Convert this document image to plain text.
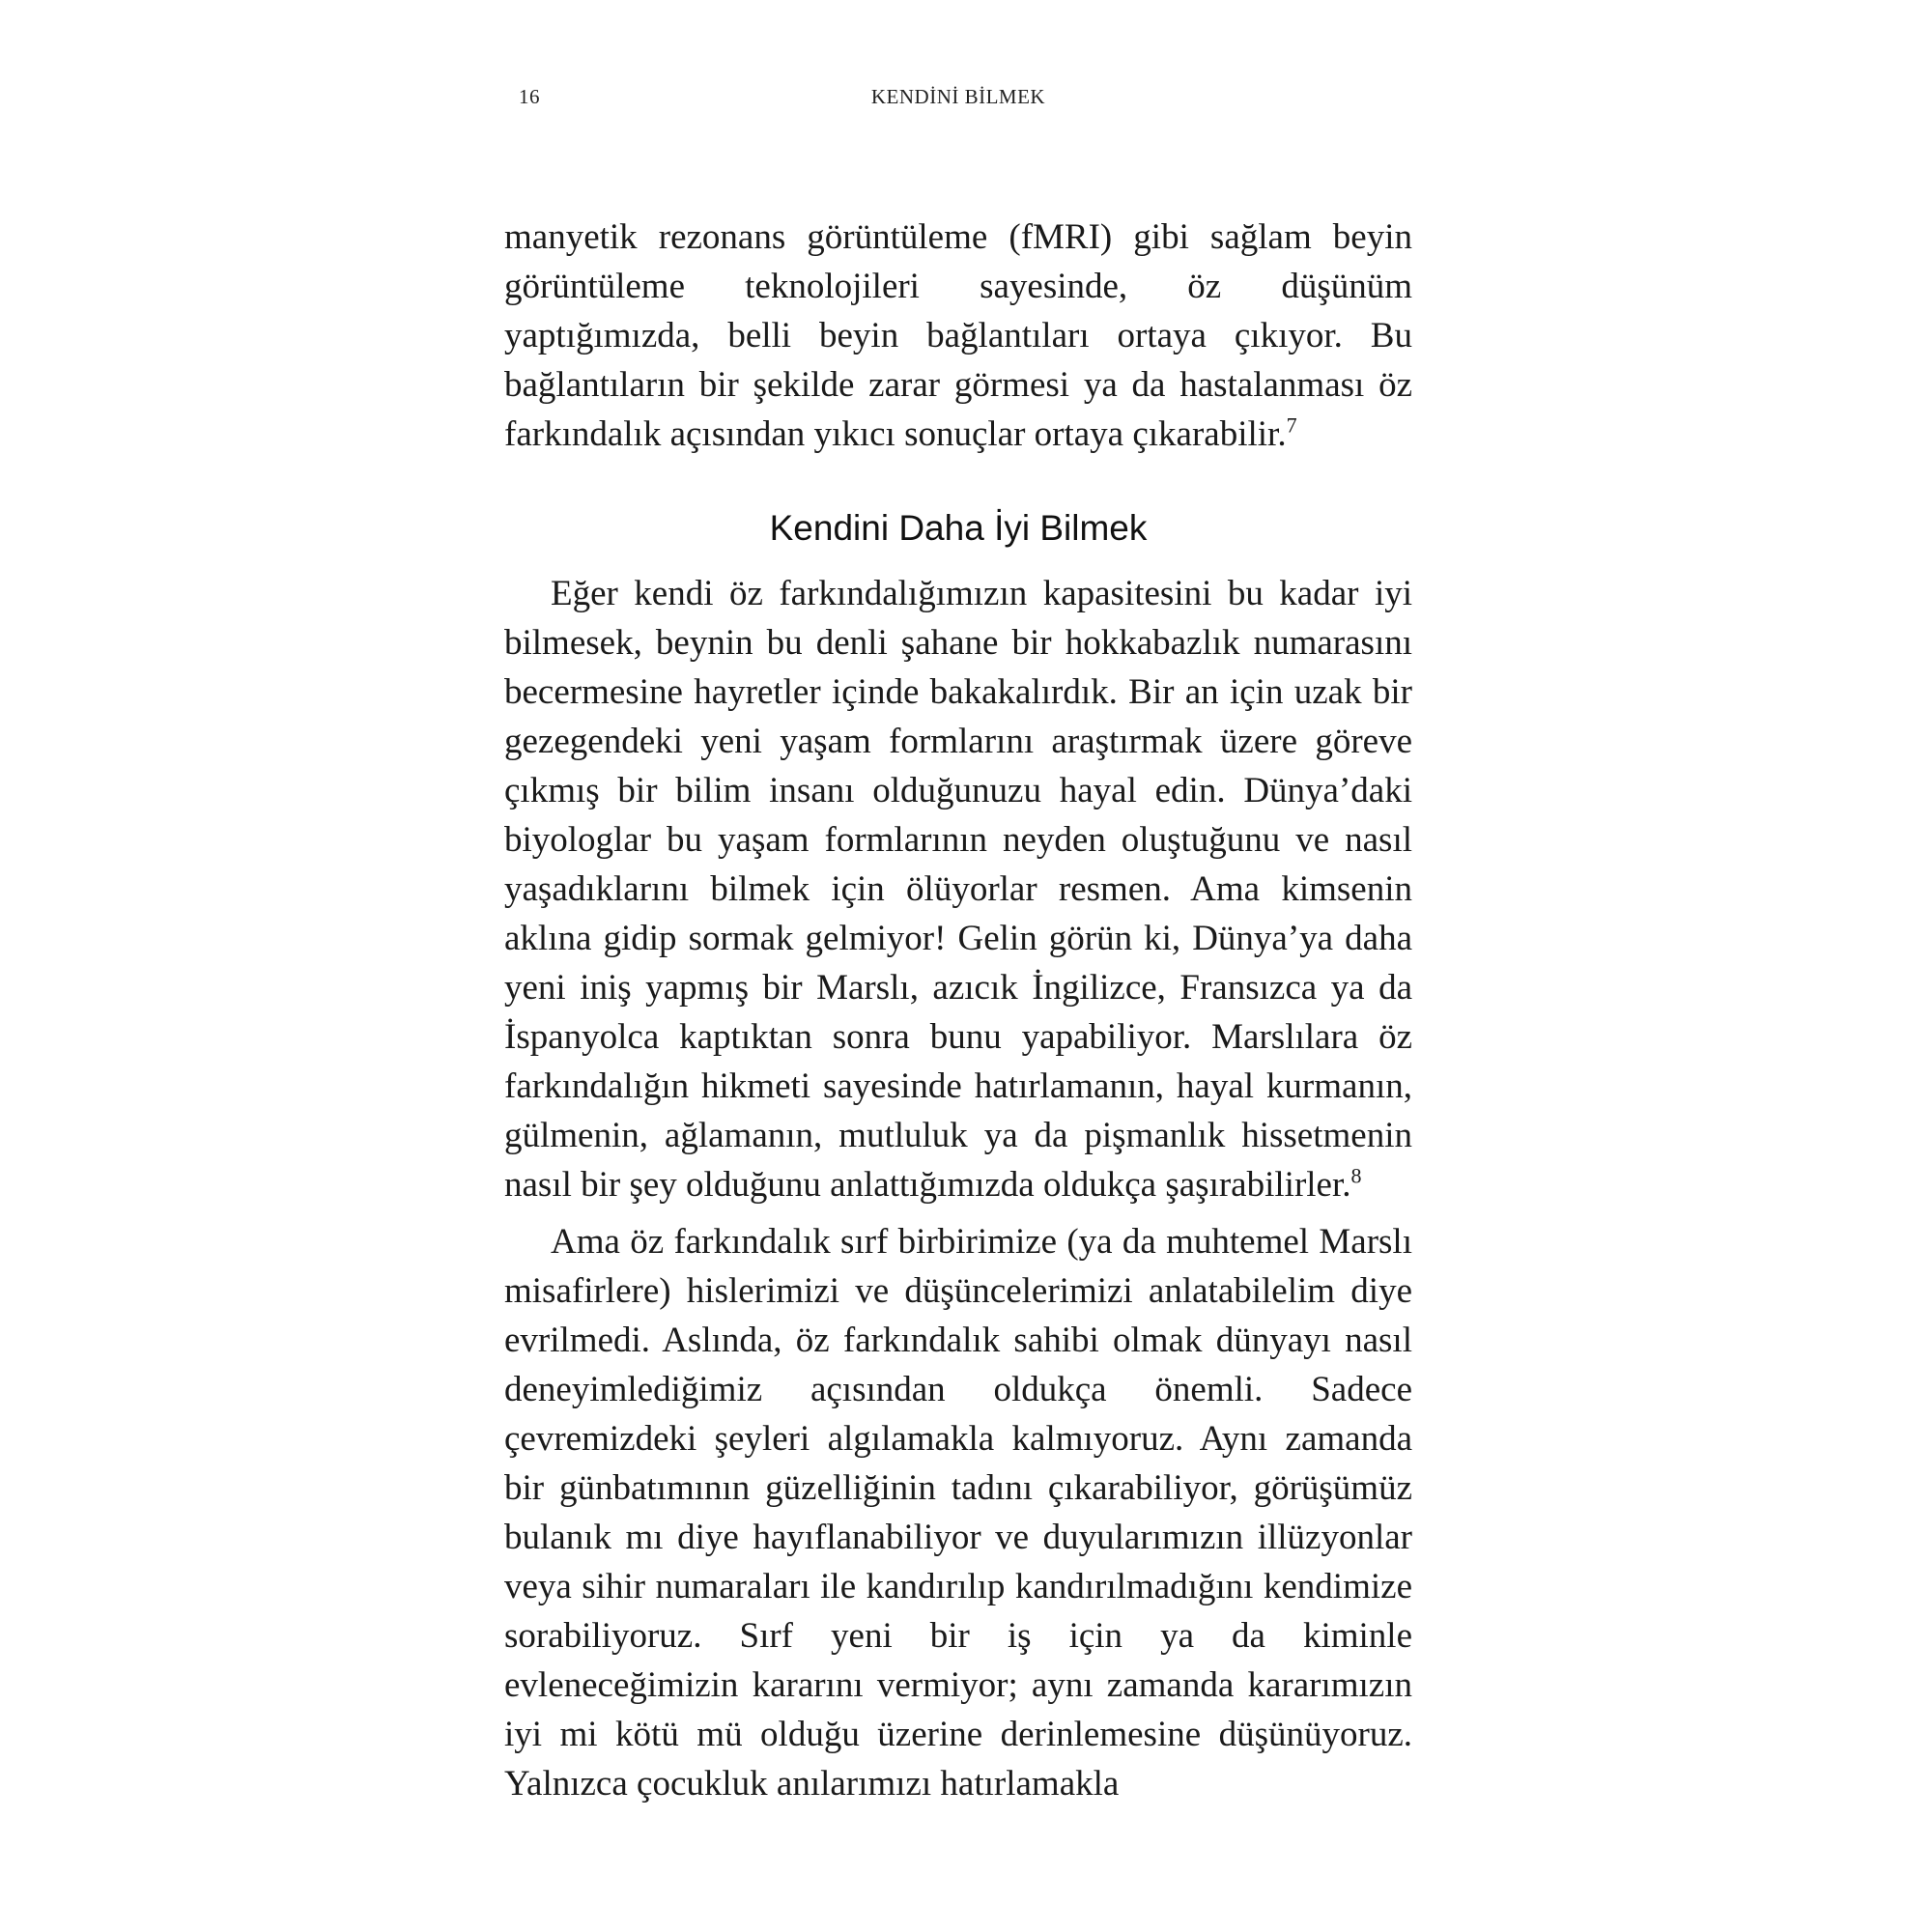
16	KENDİNİ BİLMEK

manyetik rezonans görüntüleme (fMRI) gibi sağlam beyin görüntüleme teknolojileri sayesinde, öz düşünüm yaptığımızda, belli beyin bağlantıları ortaya çıkıyor. Bu bağlantıların bir şekilde zarar görmesi ya da hastalanması öz farkındalık açısından yıkıcı sonuçlar ortaya çıkarabilir.$^7$

Kendini Daha İyi Bilmek

Eğer kendi öz farkındalığımızın kapasitesini bu kadar iyi bilmesek, beynin bu denli şahane bir hokkabazlık numarasını becermesine hayretler içinde bakakalırdık. Bir an için uzak bir gezegendeki yeni yaşam formlarını araştırmak üzere göreve çıkmış bir bilim insanı olduğunuzu hayal edin. Dünya’daki biyologlar bu yaşam formlarının neyden oluştuğunu ve nasıl yaşadıklarını bilmek için ölüyorlar resmen. Ama kimsenin aklına gidip sormak gelmiyor! Gelin görün ki, Dünya’ya daha yeni iniş yapmış bir Marslı, azıcık İngilizce, Fransızca ya da İspanyolca kaptıktan sonra bunu yapabiliyor. Marslılara öz farkındalığın hikmeti sayesinde hatırlamanın, hayal kurmanın, gülmenin, ağlamanın, mutluluk ya da pişmanlık hissetmenin nasıl bir şey olduğunu anlattığımızda oldukça şaşırabilirler.$^8$

Ama öz farkındalık sırf birbirimize (ya da muhtemel Marslı misafirlere) hislerimizi ve düşüncelerimizi anlatabilelim diye evrilmedi. Aslında, öz farkındalık sahibi olmak dünyayı nasıl deneyimlediğimiz açısından oldukça önemli. Sadece çevremizdeki şeyleri algılamakla kalmıyoruz. Aynı zamanda bir günbatımının güzelliğinin tadını çıkarabiliyor, görüşümüz bulanık mı diye hayıflanabiliyor ve duyularımızın illüzyonlar veya sihir numaraları ile kandırılıp kandırılmadığını kendimize sorabiliyoruz. Sırf yeni bir iş için ya da kiminle evleneceğimizin kararını vermiyor; aynı zamanda kararımızın iyi mi kötü mü olduğu üzerine derinlemesine düşünüyoruz. Yalnızca çocukluk anılarımızı hatırlamakla
